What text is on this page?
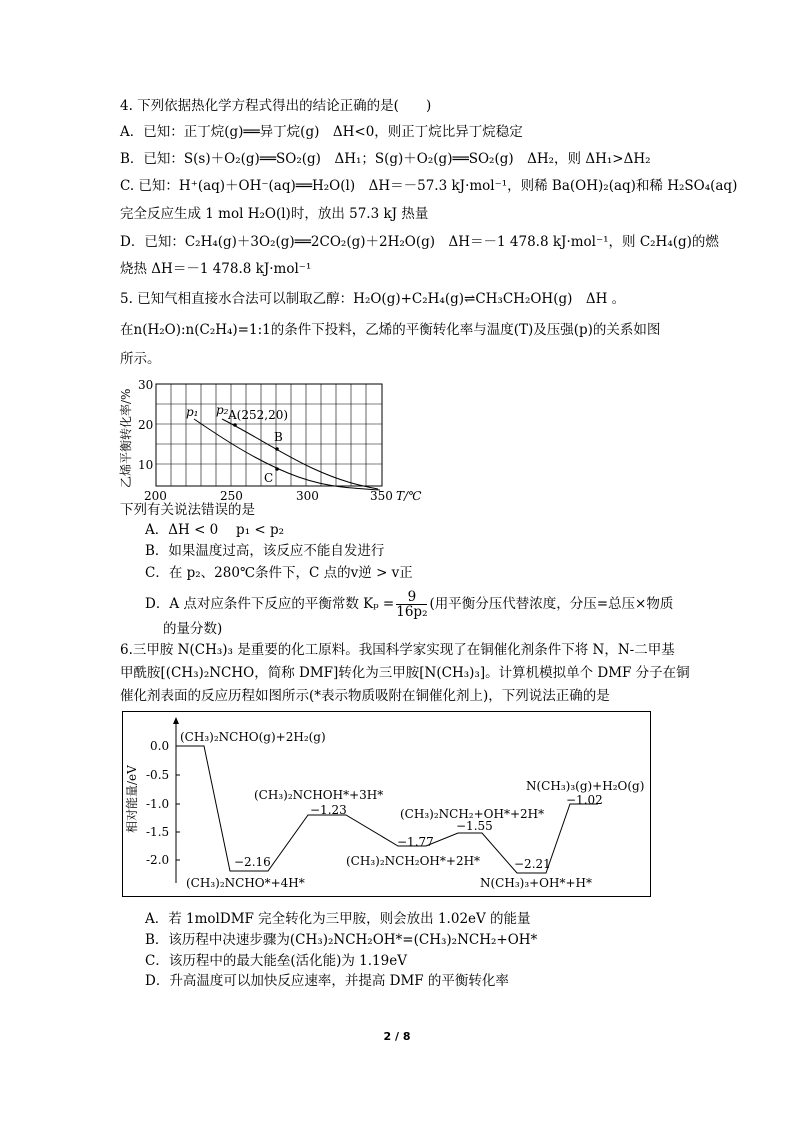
4. 下列依据热化学方程式得出的结论正确的是(　　)
A．已知：正丁烷(g)══异丁烷(g)　ΔH<0，则正丁烷比异丁烷稳定
B．已知：S(s)＋O₂(g)══SO₂(g)　ΔH₁；S(g)＋O₂(g)══SO₂(g)　ΔH₂，则 ΔH₁>ΔH₂
C. 已知：H⁺(aq)＋OH⁻(aq)══H₂O(l)　ΔH＝－57.3 kJ·mol⁻¹，则稀 Ba(OH)₂(aq)和稀 H₂SO₄(aq)
完全反应生成 1 mol H₂O(l)时，放出 57.3 kJ 热量
D．已知：C₂H₄(g)＋3O₂(g)══2CO₂(g)＋2H₂O(g)　ΔH＝－1 478.8 kJ·mol⁻¹，则 C₂H₄(g)的燃
烧热 ΔH＝－1 478.8 kJ·mol⁻¹
5. 已知气相直接水合法可以制取乙醇：H₂O(g)+C₂H₄(g)⇌CH₃CH₂OH(g)　ΔH 。
在n(H₂O):n(C₂H₄)=1:1的条件下投料，乙烯的平衡转化率与温度(T)及压强(p)的关系如图
所示。
p₁ p₂ A(252,20)
B
C
30
20
10
200	250	300	350 T/℃
乙烯平衡转化率/%
下列有关说法错误的是
A．ΔH < 0　 p₁ < p₂
B．如果温度过高，该反应不能自发进行
C．在 p₂、280℃条件下，C 点的v逆 > v正
D．A 点对应条件下反应的平衡常数 $K_p = \frac{9}{\text{16p₂}}$ (用平衡分压代替浓度，分压=总压×物质
的量分数)
6.三甲胺 N(CH₃)₃ 是重要的化工原料。我国科学家实现了在铜催化剂条件下将 N，N-二甲基
甲酰胺[(CH₃)₂NCHO，简称 DMF]转化为三甲胺[N(CH₃)₃]。计算机模拟单个 DMF 分子在铜
催化剂表面的反应历程如图所示(*表示物质吸附在铜催化剂上)，下列说法正确的是
0.0
-0.5
-1.0
-1.5
-2.0
相对能量/eV
(CH₃)₂NCHO(g)+2H₂(g)
−2.16
(CH₃)₂NCHO*+4H*
(CH₃)₂NCHOH*+3H*
−1.23
(CH₃)₂NCH₂OH*+2H*
−1.77
(CH₃)₂NCH₂+OH*+2H*
−1.55
−2.21
N(CH₃)₃+OH*+H*
N(CH₃)₃(g)+H₂O(g)
−1.02
A．若 1molDMF 完全转化为三甲胺，则会放出 1.02eV 的能量
B．该历程中决速步骤为(CH₃)₂NCH₂OH*=(CH₃)₂NCH₂+OH*
C．该历程中的最大能垒(活化能)为 1.19eV
D．升高温度可以加快反应速率，并提高 DMF 的平衡转化率
2 / 8
